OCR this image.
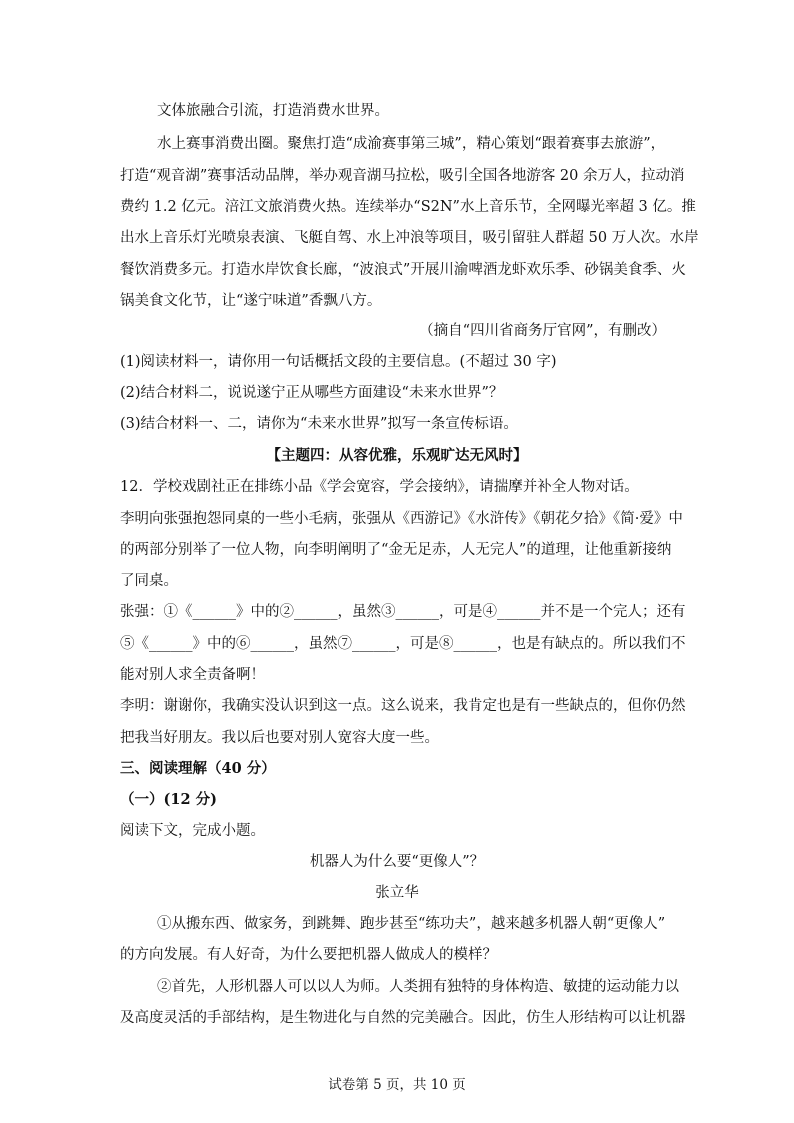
文体旅融合引流，打造消费水世界。
水上赛事消费出圈。聚焦打造“成渝赛事第三城”，精心策划“跟着赛事去旅游”，
打造“观音湖”赛事活动品牌，举办观音湖马拉松，吸引全国各地游客 20 余万人，拉动消
费约 1.2 亿元。涪江文旅消费火热。连续举办“S2N”水上音乐节，全网曝光率超 3 亿。推
出水上音乐灯光喷泉表演、飞艇自驾、水上冲浪等项目，吸引留驻人群超 50 万人次。水岸
餐饮消费多元。打造水岸饮食长廊，“波浪式”开展川渝啤酒龙虾欢乐季、砂锅美食季、火
锅美食文化节，让“遂宁味道”香飘八方。
（摘自“四川省商务厅官网”，有删改）
(1)阅读材料一，请你用一句话概括文段的主要信息。(不超过 30 字)
(2)结合材料二，说说遂宁正从哪些方面建设“未来水世界”？
(3)结合材料一、二，请你为“未来水世界”拟写一条宣传标语。
【主题四：从容优雅，乐观旷达无风时】
12．学校戏剧社正在排练小品《学会宽容，学会接纳》，请揣摩并补全人物对话。
李明向张强抱怨同桌的一些小毛病，张强从《西游记》《水浒传》《朝花夕拾》《简·爱》中
的两部分别举了一位人物，向李明阐明了“金无足赤，人无完人”的道理，让他重新接纳
了同桌。
张强：①《______》中的②______，虽然③______，可是④______并不是一个完人；还有
⑤《______》中的⑥______，虽然⑦______，可是⑧______，也是有缺点的。所以我们不
能对别人求全责备啊！
李明：谢谢你，我确实没认识到这一点。这么说来，我肯定也是有一些缺点的，但你仍然
把我当好朋友。我以后也要对别人宽容大度一些。
三、阅读理解（40 分）
（一）(12 分)
阅读下文，完成小题。
机器人为什么要“更像人”？
张立华
①从搬东西、做家务，到跳舞、跑步甚至“练功夫”，越来越多机器人朝“更像人”
的方向发展。有人好奇，为什么要把机器人做成人的模样？
②首先，人形机器人可以以人为师。人类拥有独特的身体构造、敏捷的运动能力以
及高度灵活的手部结构，是生物进化与自然的完美融合。因此，仿生人形结构可以让机器
试卷第 5 页，共 10 页
